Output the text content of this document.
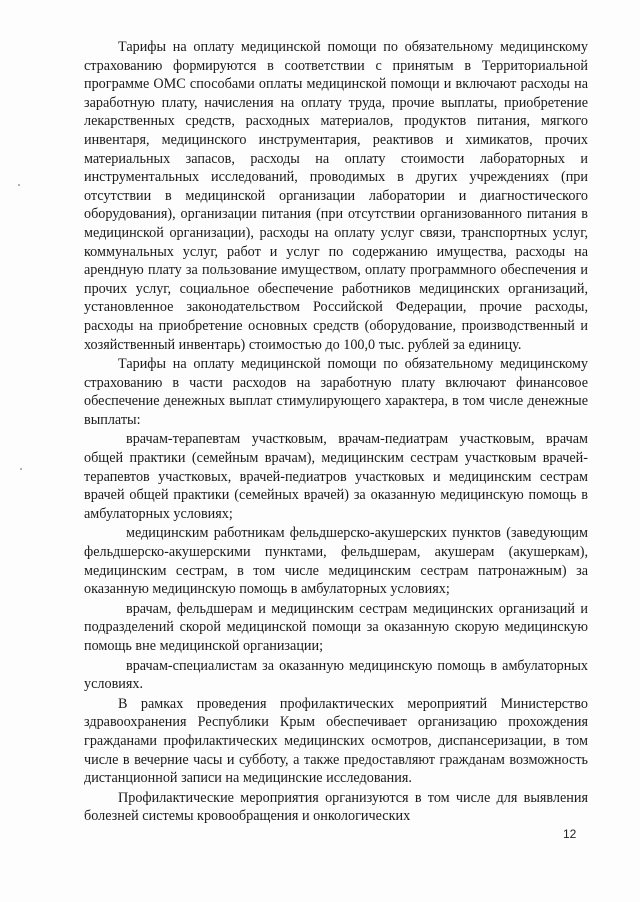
Тарифы на оплату медицинской помощи по обязательному медицинскому страхованию формируются в соответствии с принятым в Территориальной программе ОМС способами оплаты медицинской помощи и включают расходы на заработную плату, начисления на оплату труда, прочие выплаты, приобретение лекарственных средств, расходных материалов, продуктов питания, мягкого инвентаря, медицинского инструментария, реактивов и химикатов, прочих материальных запасов, расходы на оплату стоимости лабораторных и инструментальных исследований, проводимых в других учреждениях (при отсутствии в медицинской организации лаборатории и диагностического оборудования), организации питания (при отсутствии организованного питания в медицинской организации), расходы на оплату услуг связи, транспортных услуг, коммунальных услуг, работ и услуг по содержанию имущества, расходы на арендную плату за пользование имуществом, оплату программного обеспечения и прочих услуг, социальное обеспечение работников медицинских организаций, установленное законодательством Российской Федерации, прочие расходы, расходы на приобретение основных средств (оборудование, производственный и хозяйственный инвентарь) стоимостью до 100,0 тыс. рублей за единицу.

Тарифы на оплату медицинской помощи по обязательному медицинскому страхованию в части расходов на заработную плату включают финансовое обеспечение денежных выплат стимулирующего характера, в том числе денежные выплаты:

врачам-терапевтам участковым, врачам-педиатрам участковым, врачам общей практики (семейным врачам), медицинским сестрам участковым врачей-терапевтов участковых, врачей-педиатров участковых и медицинским сестрам врачей общей практики (семейных врачей) за оказанную медицинскую помощь в амбулаторных условиях;

медицинским работникам фельдшерско-акушерских пунктов (заведующим фельдшерско-акушерскими пунктами, фельдшерам, акушерам (акушеркам), медицинским сестрам, в том числе медицинским сестрам патронажным) за оказанную медицинскую помощь в амбулаторных условиях;

врачам, фельдшерам и медицинским сестрам медицинских организаций и подразделений скорой медицинской помощи за оказанную скорую медицинскую помощь вне медицинской организации;

врачам-специалистам за оказанную медицинскую помощь в амбулаторных условиях.

В рамках проведения профилактических мероприятий Министерство здравоохранения Республики Крым обеспечивает организацию прохождения гражданами профилактических медицинских осмотров, диспансеризации, в том числе в вечерние часы и субботу, а также предоставляют гражданам возможность дистанционной записи на медицинские исследования.

Профилактические мероприятия организуются в том числе для выявления болезней системы кровообращения и онкологических

12
